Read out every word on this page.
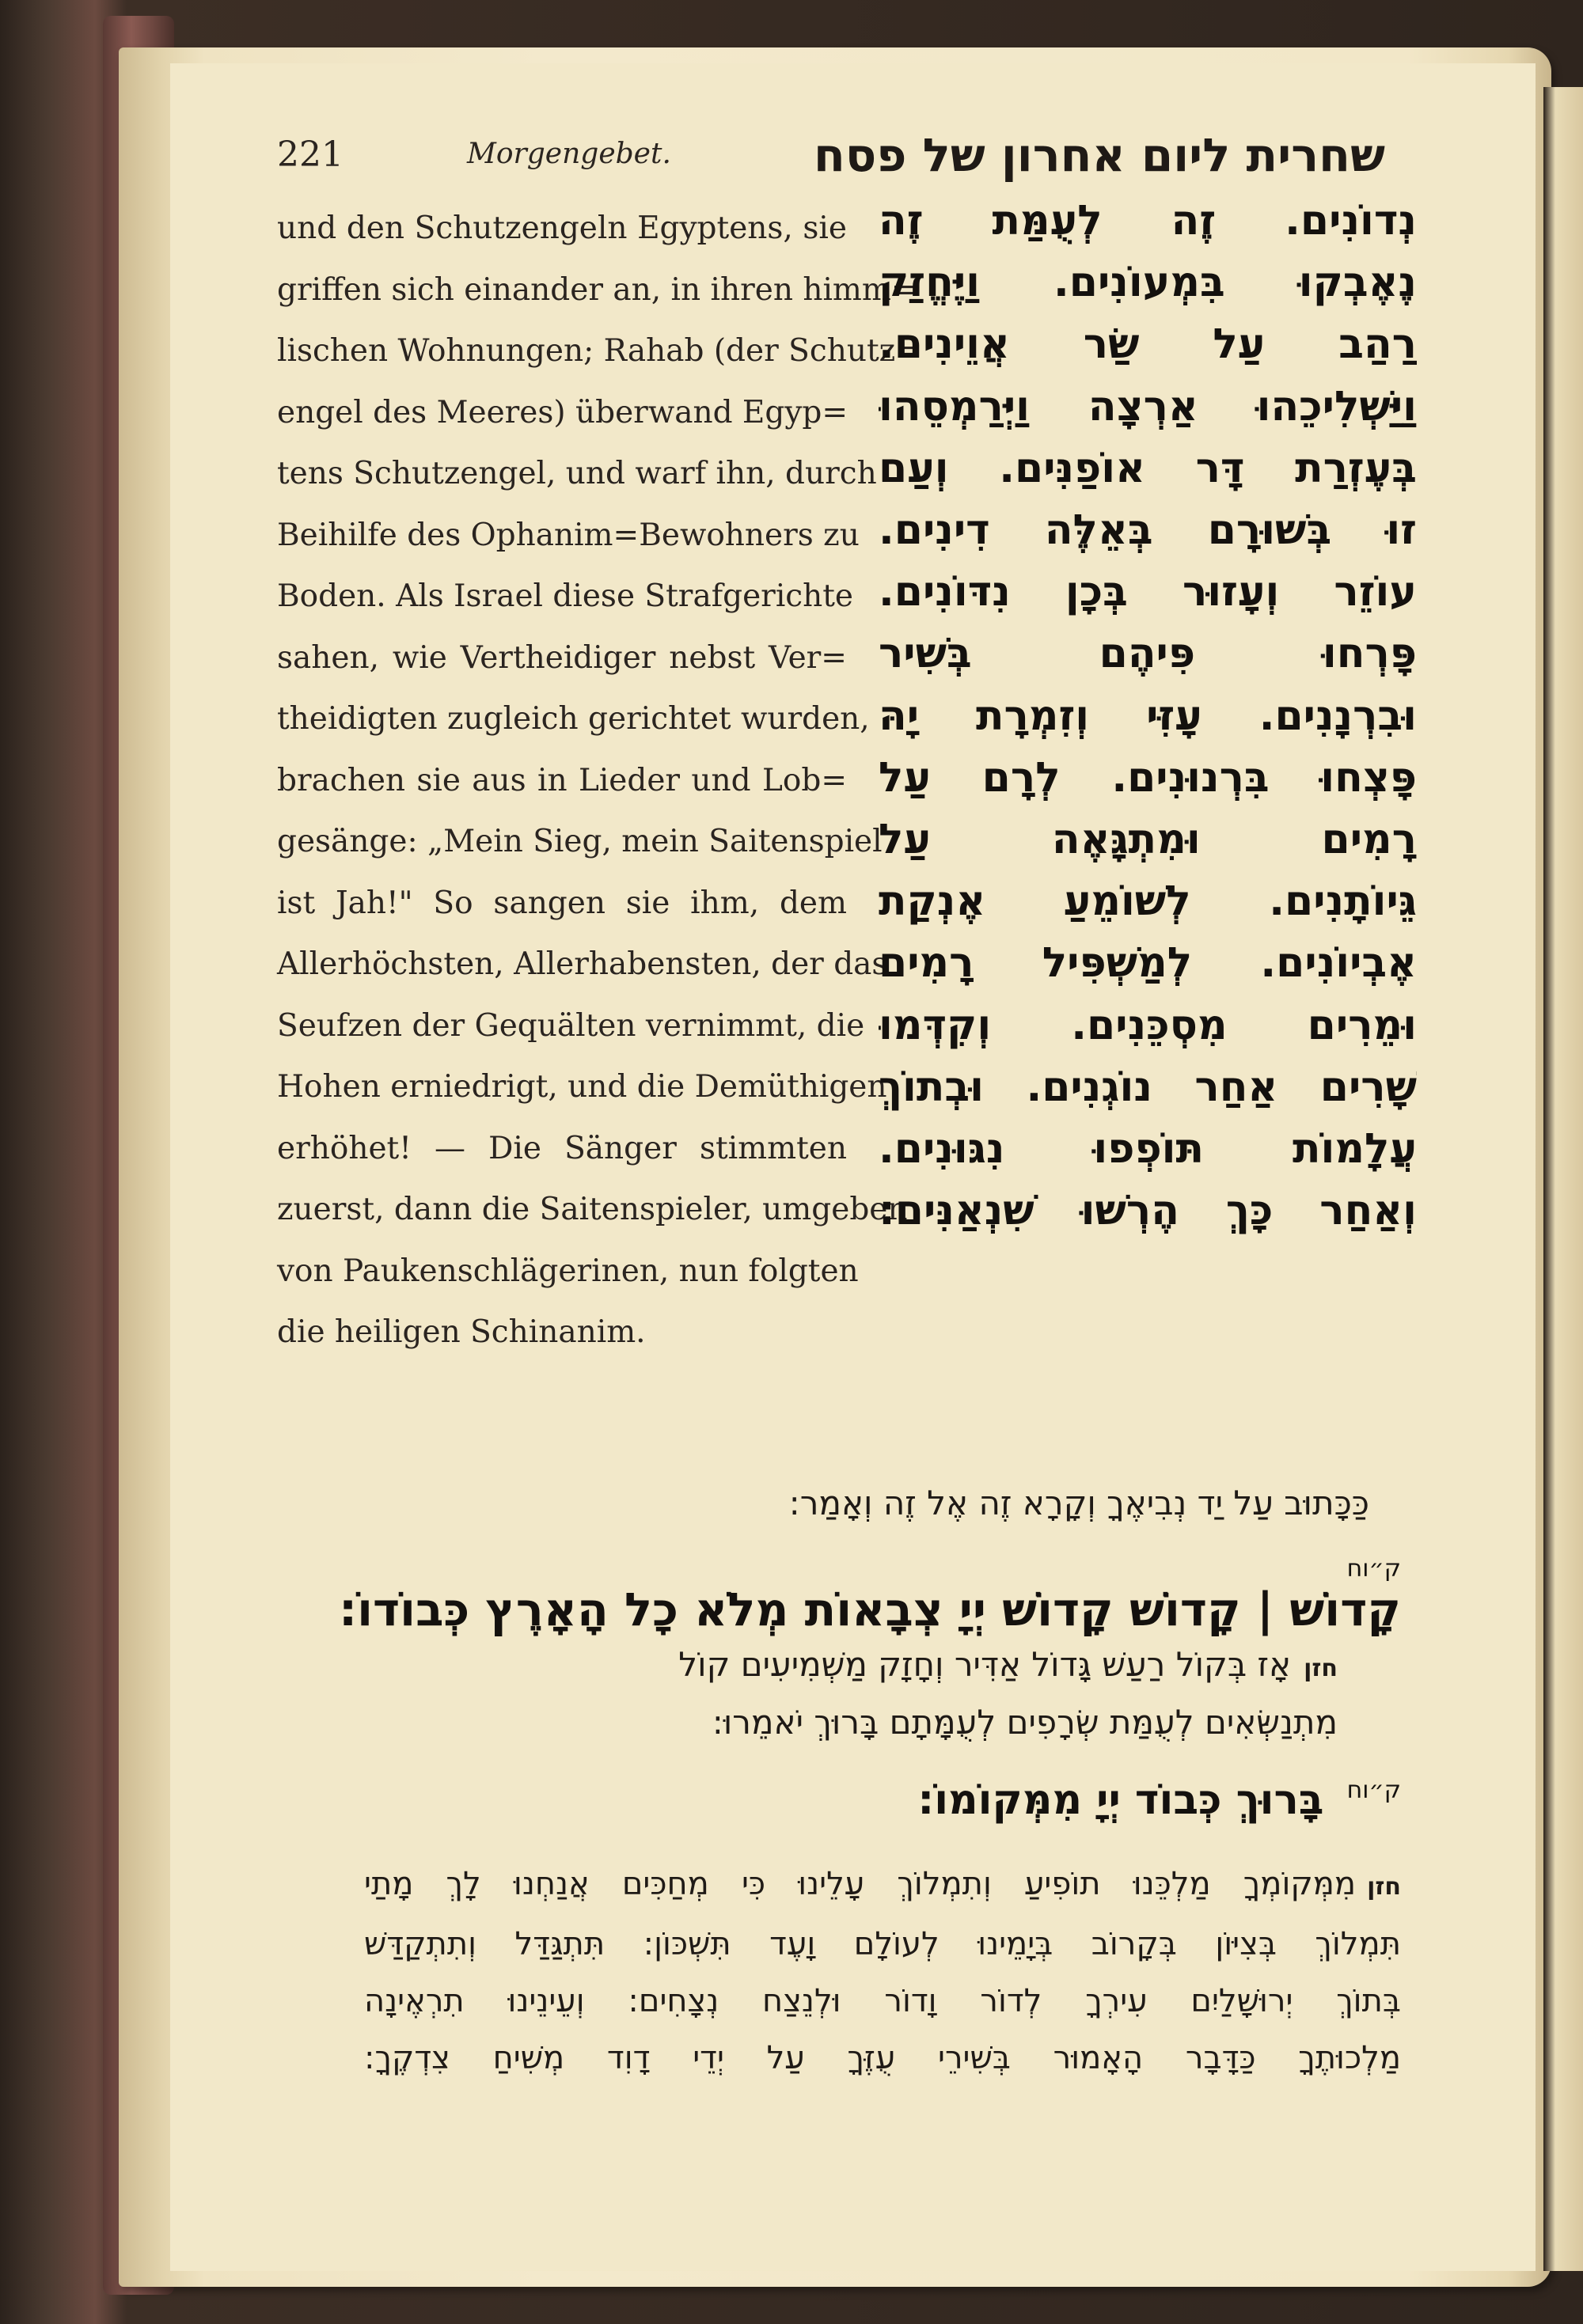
221	Morgengebet.	שחרית ליום אחרון של פסח
und den Schutzengeln Egyptens, sie
griffen sich einander an, in ihren himm=
lischen Wohnungen; Rahab (der Schutz=
engel des Meeres) überwand Egyp=
tens Schutzengel, und warf ihn, durch
Beihilfe des Ophanim=Bewohners zu
Boden. Als Israel diese Strafgerichte
sahen, wie Vertheidiger nebst Ver=
theidigten zugleich gerichtet wurden,
brachen sie aus in Lieder und Lob=
gesänge: „Mein Sieg, mein Saitenspiel
ist Jah!" So sangen sie ihm, dem
Allerhöchsten, Allerhabensten, der das
Seufzen der Gequälten vernimmt, die
Hohen erniedrigt, und die Demüthigen
erhöhet! — Die Sänger stimmten
zuerst, dann die Saitenspieler, umgeben
von Paukenschlägerinen, nun folgten
die heiligen Schinanim.
נְדוֹנִים. זֶה לְעֻמַּת זֶה
נֶאֶבְקוּ בִּמְעוֹנִים. וַיֶּחֱזַק
רַהַב עַל שַׂר אֲוֵינִים.
וַיַּשְׁלִיכֵהוּ אַרְצָה וַיְּרַמְסֵהוּ
בְּעֶזְרַת דָּר אוֹפַנִּים. וְעַם
זוּ בְּשׁוּרָם בְּאֵלֶּה דִינִים.
עוֹזֵר וְעָזוּר בְּכָן נִדּוֹנִים.
פָּרְחוּ פִּיהֶם בְּשִׁיר
וּבִרְנָנִים. עָזִּי וְזִמְרָת יָהּ
פָּצְחוּ בִּרְנוּנִים. לְרָם עַל
רָמִים וּמִתְגָּאֶה עַל
גֵּיוֹתָנִים. לְשׁוֹמֵעַ אֶנְקַת
אֶבְיוֹנִים. לְמַשְׁפִּיל רָמִים
וּמֵרִים מִסְכֵּנִים. וְקִדְּמוּ
שָׁרִים אַחַר נוֹגְנִים. וּבְתוֹךְ
עֲלָמוֹת תּוֹפְפוּ נִגּוּנִים.
וְאַחַר כָּךְ הֶרְשׁוּ שִׁנְאַנִּים:
כַּכָּתוּב עַל יַד נְבִיאֶךָ וְקָרָא זֶה אֶל זֶה וְאָמַר:
ק״וח קָדוֹשׁ | קָדוֹשׁ קָדוֹשׁ יְיָ צְבָאוֹת מְלֹא כָל הָאָרֶץ כְּבוֹדוֹ:
חזןאָז בְּקוֹל רַעַשׁ גָּדוֹל אַדִּיר וְחָזָק מַשְׁמִיעִים קוֹל
מִתְנַשְּׂאִים לְעֻמַּת שְׂרָפִים לְעֻמָּתָם בָּרוּךְ יֹאמֵרוּ:
ק״וח בָּרוּךְ כְּבוֹד יְיָ מִמְּקוֹמוֹ:
חזןמִמְּקוֹמְךָ מַלְכֵּנוּ תוֹפִיעַ וְתִמְלוֹךְ עָלֵינוּ כִּי מְחַכִּים אֲנַחְנוּ לָךְ מָתַי
תִּמְלוֹךְ בְּצִיּוֹן בְּקָרוֹב בְּיָמֵינוּ לְעוֹלָם וָעֶד תִּשְׁכּוֹן: תִּתְגַּדַּל וְתִתְקַדַּשׁ
בְּתוֹךְ יְרוּשָׁלַיִם עִירְךָ לְדוֹר וָדוֹר וּלְנֵצַח נְצָחִים: וְעֵינֵינוּ תִרְאֶינָה
מַלְכוּתֶךָ כַּדָּבָר הָאָמוּר בְּשִׁירֵי עֻזֶּךָ עַל יְדֵי דָוִד מְשִׁיחַ צִדְקֶךָ:
